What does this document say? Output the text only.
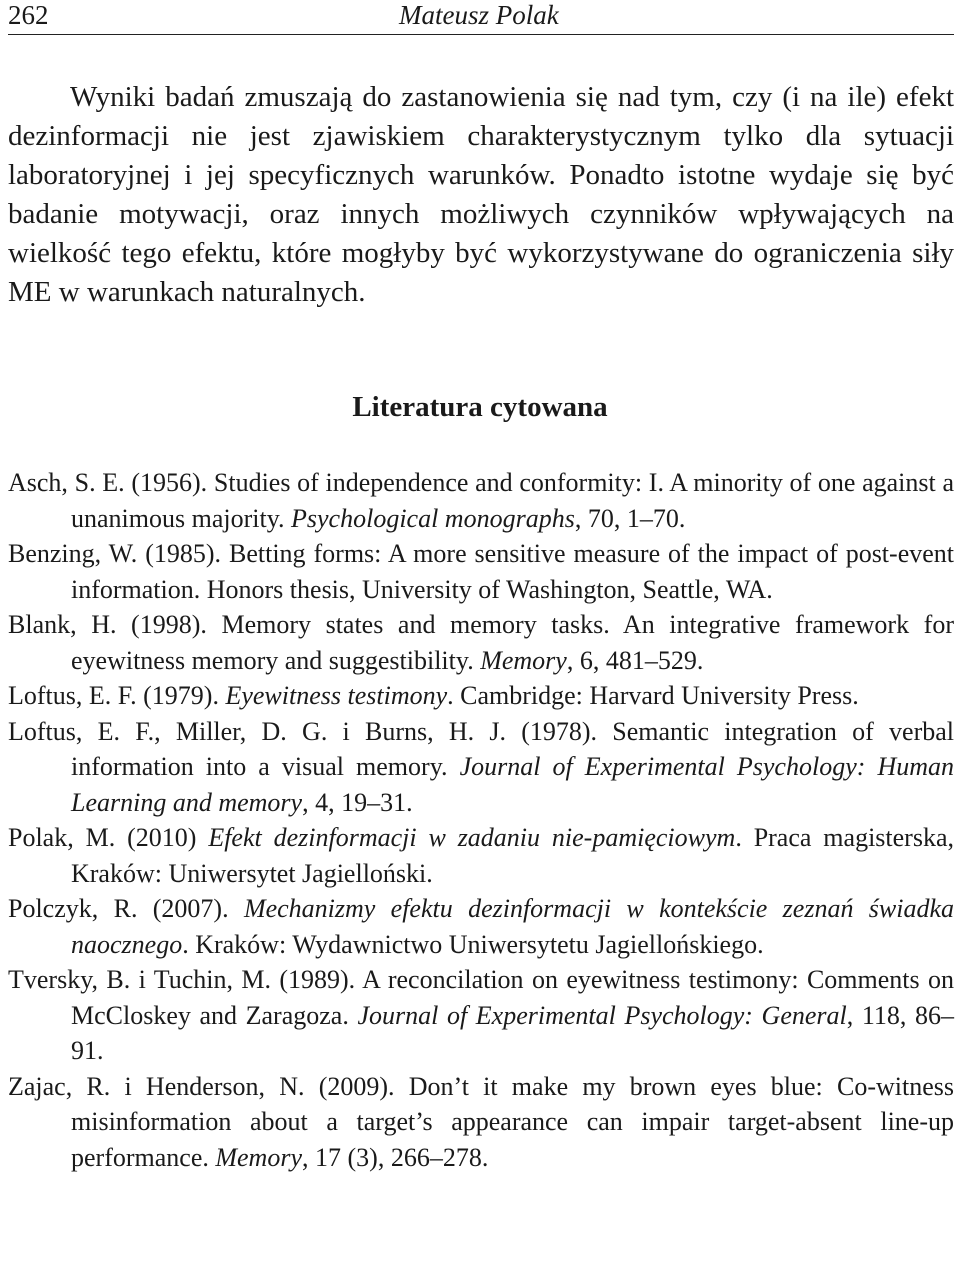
262	Mateusz Polak

Wyniki badań zmuszają do zastanowienia się nad tym, czy (i na ile) efekt dezinformacji nie jest zjawiskiem charakterystycznym tylko dla sytuacji laboratoryjnej i jej specyficznych warunków. Ponadto istotne wydaje się być badanie motywacji, oraz innych możliwych czynników wpływających na wielkość tego efektu, które mogłyby być wykorzystywane do ograniczenia siły ME w warunkach naturalnych.

Literatura cytowana
Asch, S. E. (1956). Studies of independence and conformity: I. A minority of one against a unanimous majority. Psychological monographs, 70, 1–70.
Benzing, W. (1985). Betting forms: A more sensitive measure of the impact of post-event information. Honors thesis, University of Washington, Seattle, WA.
Blank, H. (1998). Memory states and memory tasks. An integrative framework for eyewitness memory and suggestibility. Memory, 6, 481–529.
Loftus, E. F. (1979). Eyewitness testimony. Cambridge: Harvard University Press.
Loftus, E. F., Miller, D. G. i Burns, H. J. (1978). Semantic integration of verbal information into a visual memory. Journal of Experimental Psychology: Human Learning and memory, 4, 19–31.
Polak, M. (2010) Efekt dezinformacji w zadaniu nie-pamięciowym. Praca magisterska, Kraków: Uniwersytet Jagielloński.
Polczyk, R. (2007). Mechanizmy efektu dezinformacji w kontekście zeznań świadka naocznego. Kraków: Wydawnictwo Uniwersytetu Jagiellońskiego.
Tversky, B. i Tuchin, M. (1989). A reconcilation on eyewitness testimony: Comments on McCloskey and Zaragoza. Journal of Experimental Psychology: General, 118, 86–91.
Zajac, R. i Henderson, N. (2009). Don’t it make my brown eyes blue: Co-witness misinformation about a target’s appearance can impair target-absent line-up performance. Memory, 17 (3), 266–278.
